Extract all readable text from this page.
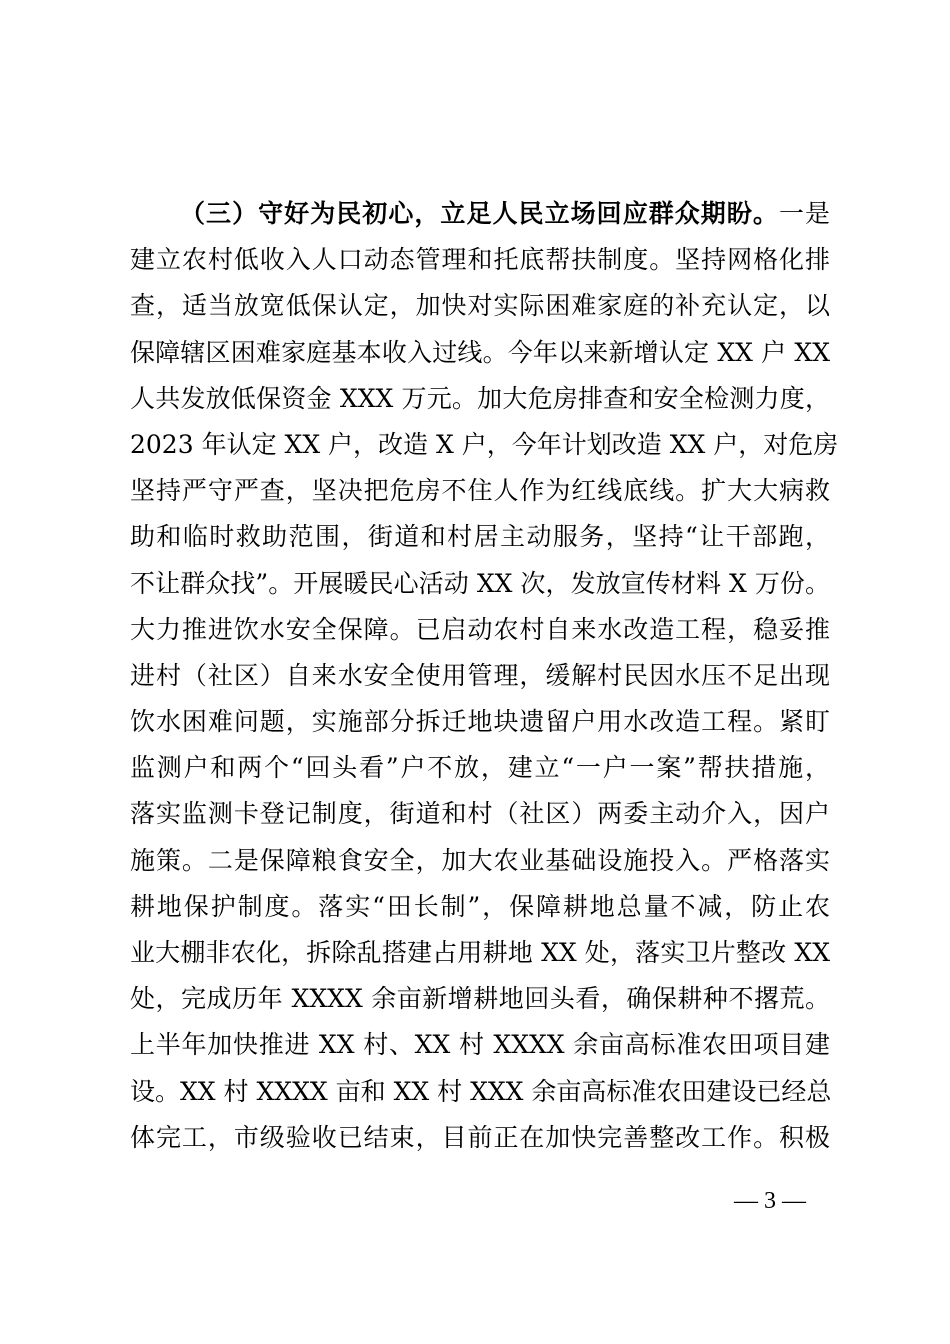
（三）守好为民初心，立足人民立场回应群众期盼。一是
建立农村低收入人口动态管理和托底帮扶制度。坚持网格化排
查，适当放宽低保认定，加快对实际困难家庭的补充认定，以
保障辖区困难家庭基本收入过线。今年以来新增认定 XX 户 XX
人共发放低保资金 XXX 万元。加大危房排查和安全检测力度，
2023 年认定 XX 户，改造 X 户，今年计划改造 XX 户，对危房
坚持严守严查，坚决把危房不住人作为红线底线。扩大大病救
助和临时救助范围，街道和村居主动服务，坚持“让干部跑，
不让群众找”。开展暖民心活动 XX 次，发放宣传材料 X 万份。
大力推进饮水安全保障。已启动农村自来水改造工程，稳妥推
进村（社区）自来水安全使用管理，缓解村民因水压不足出现
饮水困难问题，实施部分拆迁地块遗留户用水改造工程。紧盯
监测户和两个“回头看”户不放，建立“一户一案”帮扶措施，
落实监测卡登记制度，街道和村（社区）两委主动介入，因户
施策。二是保障粮食安全，加大农业基础设施投入。严格落实
耕地保护制度。落实“田长制”，保障耕地总量不减，防止农
业大棚非农化，拆除乱搭建占用耕地 XX 处，落实卫片整改 XX
处，完成历年 XXXX 余亩新增耕地回头看，确保耕种不撂荒。
上半年加快推进 XX 村、XX 村 XXXX 余亩高标准农田项目建
设。XX 村 XXXX 亩和 XX 村 XXX 余亩高标准农田建设已经总
体完工，市级验收已结束，目前正在加快完善整改工作。积极
— 3 —
